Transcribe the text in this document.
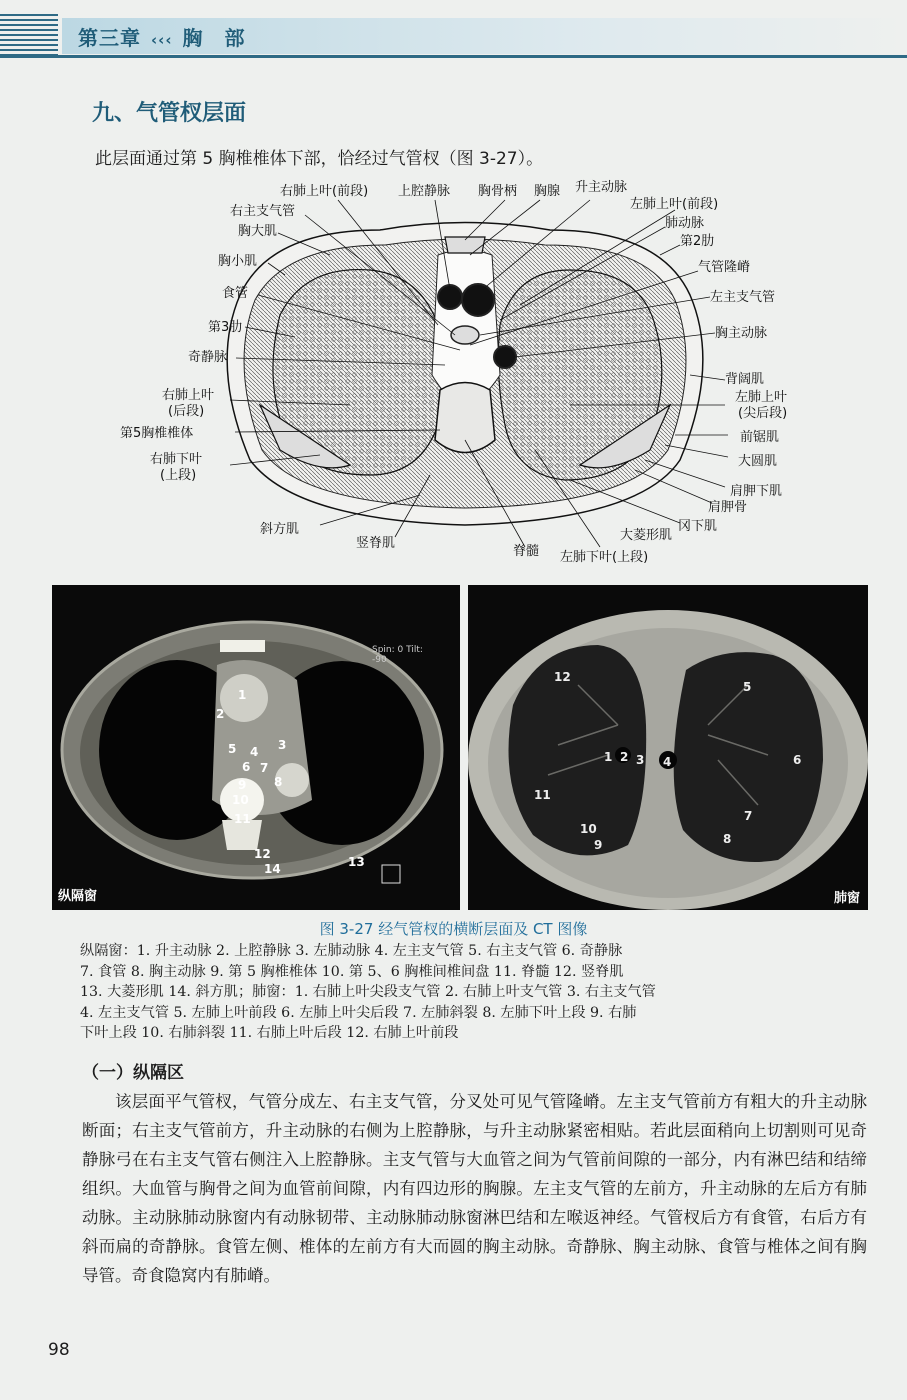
第三章 ‹‹‹ 胸部
九、气管杈层面
此层面通过第 5 胸椎椎体下部，恰经过气管杈（图 3-27）。
右肺上叶(前段) 上腔静脉 胸骨柄 胸腺 升主动脉
左肺上叶(前段)
右主支气管
胸大肌
肺动脉
第2肋
胸小肌	气管隆嵴
食管	左主支气管
第3肋	胸主动脉
奇静脉
背阔肌
右肺上叶
(后段)
左肺上叶
(尖后段)
第5胸椎椎体	前锯肌
右肺下叶
(上段)
大圆肌
肩胛下肌
肩胛骨
冈下肌
斜方肌	大菱形肌
竖脊肌
脊髓 左肺下叶(上段)
Spin: 0 Tilt: -90
1
2
3
4
5
6 7
8
9
10
11
12
13
14
纵隔窗
12
5
1 2 3 4	6
11
7
10
8
9
肺窗
图 3-27 经气管杈的横断层面及 CT 图像
纵隔窗：1. 升主动脉 2. 上腔静脉 3. 左肺动脉 4. 左主支气管 5. 右主支气管 6. 奇静脉
7. 食管 8. 胸主动脉 9. 第 5 胸椎椎体 10. 第 5、6 胸椎间椎间盘 11. 脊髓 12. 竖脊肌
13. 大菱形肌 14. 斜方肌；肺窗：1. 右肺上叶尖段支气管 2. 右肺上叶支气管 3. 右主支气管
4. 左主支气管 5. 左肺上叶前段 6. 左肺上叶尖后段 7. 左肺斜裂 8. 左肺下叶上段 9. 右肺
下叶上段 10. 右肺斜裂 11. 右肺上叶后段 12. 右肺上叶前段
（一）纵隔区
该层面平气管杈，气管分成左、右主支气管，分叉处可见气管隆嵴。左主支气管前方有粗大的升主动脉断面；右主支气管前方，升主动脉的右侧为上腔静脉，与升主动脉紧密相贴。若此层面稍向上切割则可见奇静脉弓在右主支气管右侧注入上腔静脉。主支气管与大血管之间为气管前间隙的一部分，内有淋巴结和结缔组织。大血管与胸骨之间为血管前间隙，内有四边形的胸腺。左主支气管的左前方，升主动脉的左后方有肺动脉。主动脉肺动脉窗内有动脉韧带、主动脉肺动脉窗淋巴结和左喉返神经。气管杈后方有食管，右后方有斜而扁的奇静脉。食管左侧、椎体的左前方有大而圆的胸主动脉。奇静脉、胸主动脉、食管与椎体之间有胸导管。奇食隐窝内有肺嵴。
98
